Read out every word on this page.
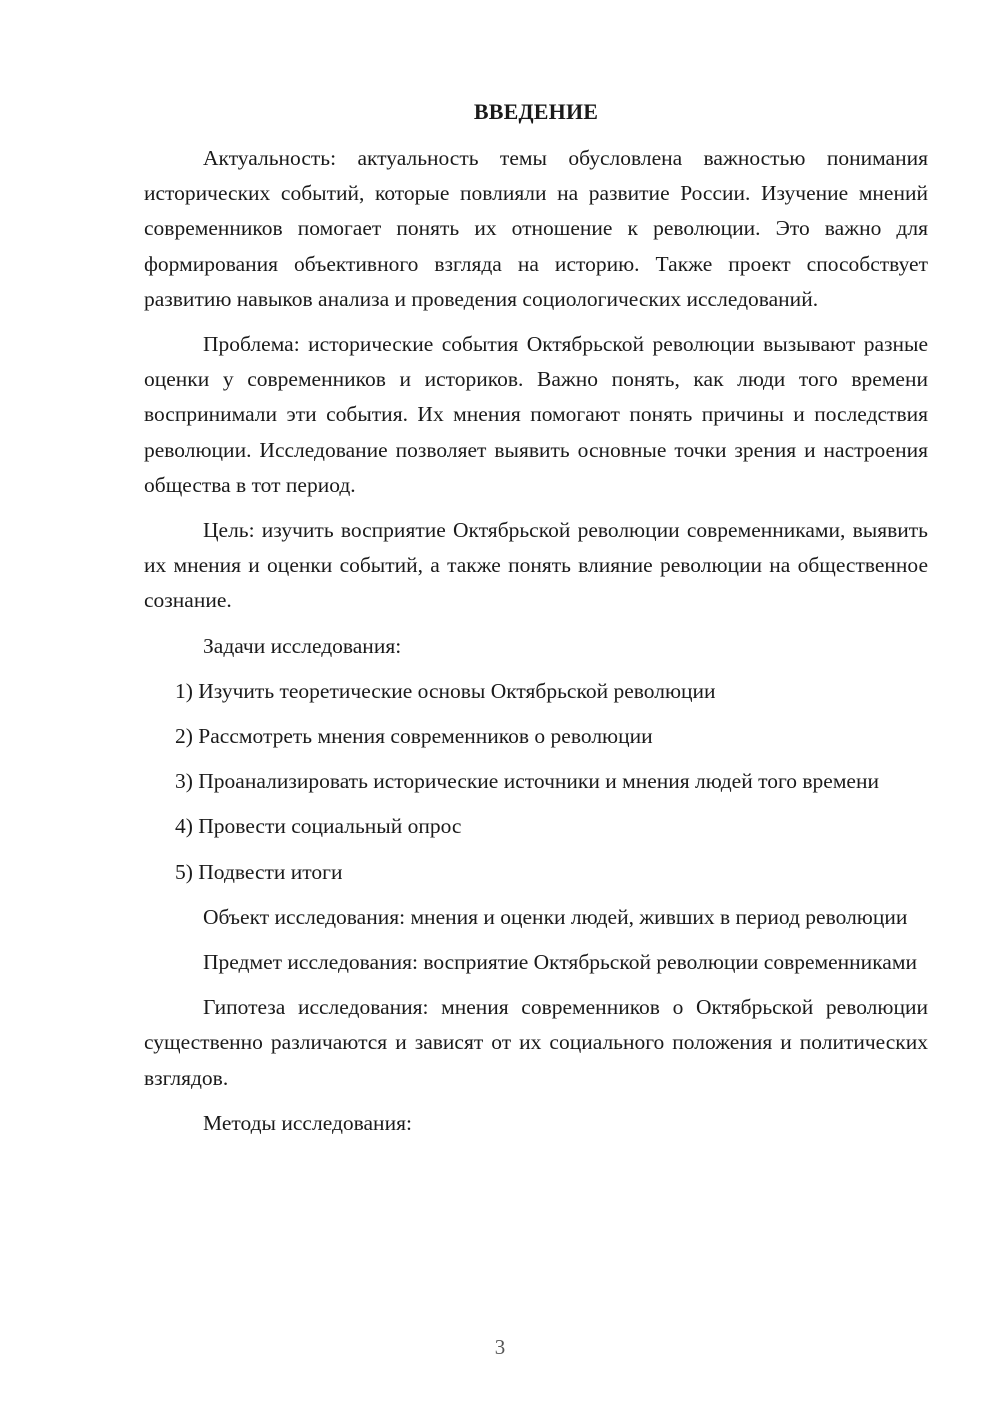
ВВЕДЕНИЕ

Актуальность: актуальность темы обусловлена важностью понимания исторических событий, которые повлияли на развитие России. Изучение мнений современников помогает понять их отношение к революции. Это важно для формирования объективного взгляда на историю. Также проект способствует развитию навыков анализа и проведения социологических исследований.

Проблема: исторические события Октябрьской революции вызывают разные оценки у современников и историков. Важно понять, как люди того времени воспринимали эти события. Их мнения помогают понять причины и последствия революции. Исследование позволяет выявить основные точки зрения и настроения общества в тот период.

Цель: изучить восприятие Октябрьской революции современниками, выявить их мнения и оценки событий, а также понять влияние революции на общественное сознание.

Задачи исследования:

1) Изучить теоретические основы Октябрьской революции

2) Рассмотреть мнения современников о революции

3) Проанализировать исторические источники и мнения людей того времени

4) Провести социальный опрос

5) Подвести итоги

Объект исследования: мнения и оценки людей, живших в период революции

Предмет исследования: восприятие Октябрьской революции современниками

Гипотеза исследования: мнения современников о Октябрьской революции существенно различаются и зависят от их социального положения и политических взглядов.

Методы исследования:

3
